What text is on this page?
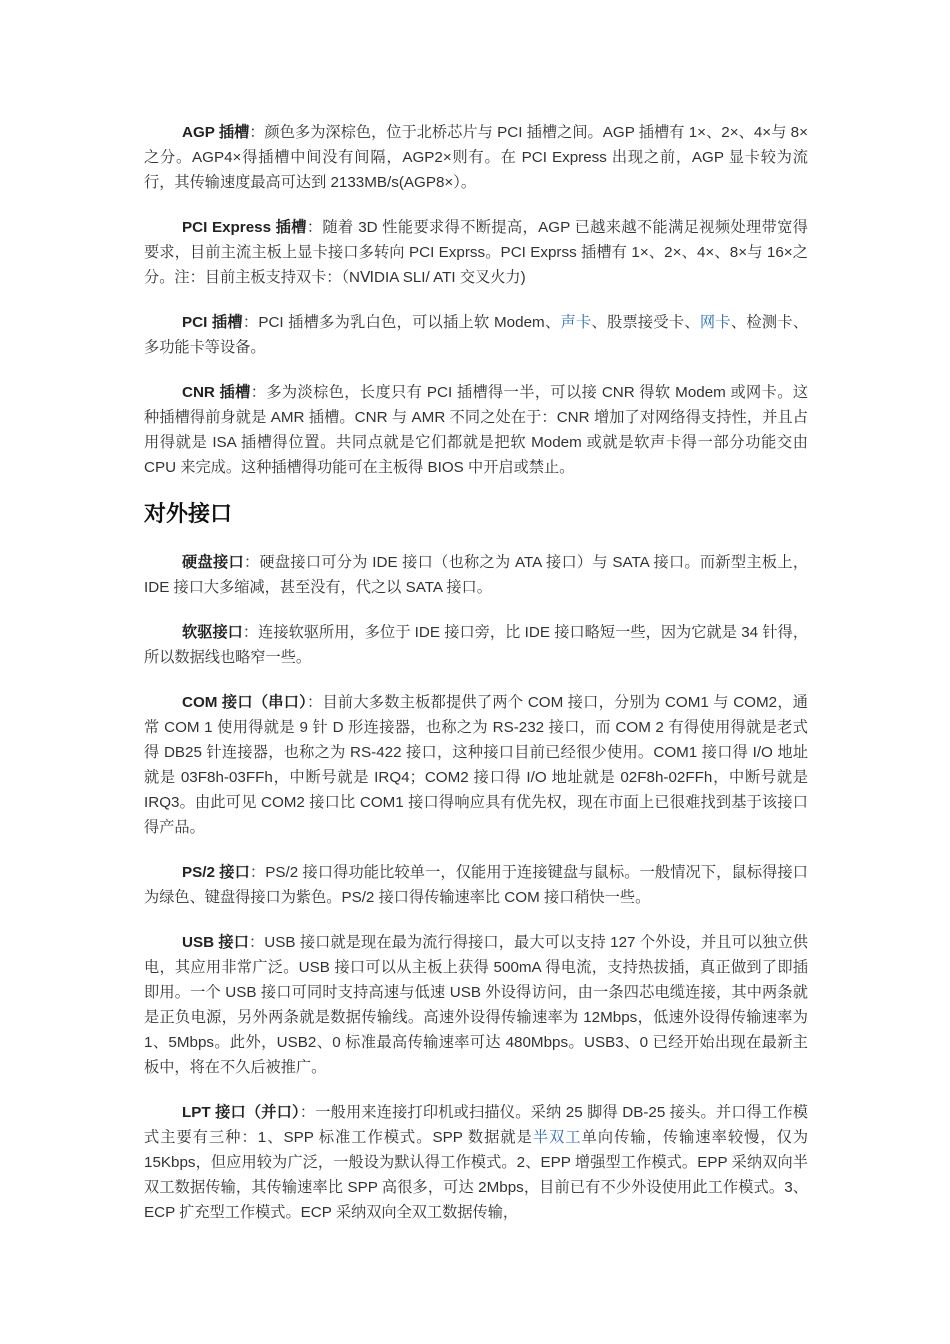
AGP 插槽：颜色多为深棕色，位于北桥芯片与 PCI 插槽之间。AGP 插槽有 1×、2×、4×与 8×之分。AGP4×得插槽中间没有间隔，AGP2×则有。在 PCI Express 出现之前，AGP 显卡较为流行，其传输速度最高可达到 2133MB/s(AGP8×）。

PCI Express 插槽：随着 3D 性能要求得不断提高，AGP 已越来越不能满足视频处理带宽得要求，目前主流主板上显卡接口多转向 PCI Exprss。PCI Exprss 插槽有 1×、2×、4×、8×与 16×之分。注：目前主板支持双卡：（NⅥDIA SLI/ ATI 交叉火力)

PCI 插槽：PCI 插槽多为乳白色，可以插上软 Modem、声卡、股票接受卡、网卡、检测卡、多功能卡等设备。

CNR 插槽：多为淡棕色，长度只有 PCI 插槽得一半，可以接 CNR 得软 Modem 或网卡。这种插槽得前身就是 AMR 插槽。CNR 与 AMR 不同之处在于：CNR 增加了对网络得支持性，并且占用得就是 ISA 插槽得位置。共同点就是它们都就是把软 Modem 或就是软声卡得一部分功能交由 CPU 来完成。这种插槽得功能可在主板得 BIOS 中开启或禁止。

对外接口

硬盘接口：硬盘接口可分为 IDE 接口（也称之为 ATA 接口）与 SATA 接口。而新型主板上，IDE 接口大多缩减，甚至没有，代之以 SATA 接口。

软驱接口：连接软驱所用，多位于 IDE 接口旁，比 IDE 接口略短一些，因为它就是 34 针得，所以数据线也略窄一些。

COM 接口（串口）：目前大多数主板都提供了两个 COM 接口，分别为 COM1 与 COM2，通常 COM 1 使用得就是 9 针 D 形连接器，也称之为 RS-232 接口，而 COM 2 有得使用得就是老式得 DB25 针连接器，也称之为 RS-422 接口，这种接口目前已经很少使用。COM1 接口得 I/O 地址就是 03F8h-03FFh，中断号就是 IRQ4；COM2 接口得 I/O 地址就是 02F8h-02FFh，中断号就是 IRQ3。由此可见 COM2 接口比 COM1 接口得响应具有优先权，现在市面上已很难找到基于该接口得产品。

PS/2 接口：PS/2 接口得功能比较单一，仅能用于连接键盘与鼠标。一般情况下，鼠标得接口为绿色、键盘得接口为紫色。PS/2 接口得传输速率比 COM 接口稍快一些。

USB 接口：USB 接口就是现在最为流行得接口，最大可以支持 127 个外设，并且可以独立供电，其应用非常广泛。USB 接口可以从主板上获得 500mA 得电流，支持热拔插，真正做到了即插即用。一个 USB 接口可同时支持高速与低速 USB 外设得访问，由一条四芯电缆连接，其中两条就是正负电源，另外两条就是数据传输线。高速外设得传输速率为 12Mbps，低速外设得传输速率为 1、5Mbps。此外，USB2、0 标准最高传输速率可达 480Mbps。USB3、0 已经开始出现在最新主板中，将在不久后被推广。

LPT 接口（并口）：一般用来连接打印机或扫描仪。采纳 25 脚得 DB-25 接头。并口得工作模式主要有三种：1、SPP 标准工作模式。SPP 数据就是半双工单向传输，传输速率较慢，仅为 15Kbps，但应用较为广泛，一般设为默认得工作模式。2、EPP 增强型工作模式。EPP 采纳双向半双工数据传输，其传输速率比 SPP 高很多，可达 2Mbps，目前已有不少外设使用此工作模式。3、ECP 扩充型工作模式。ECP 采纳双向全双工数据传输，
